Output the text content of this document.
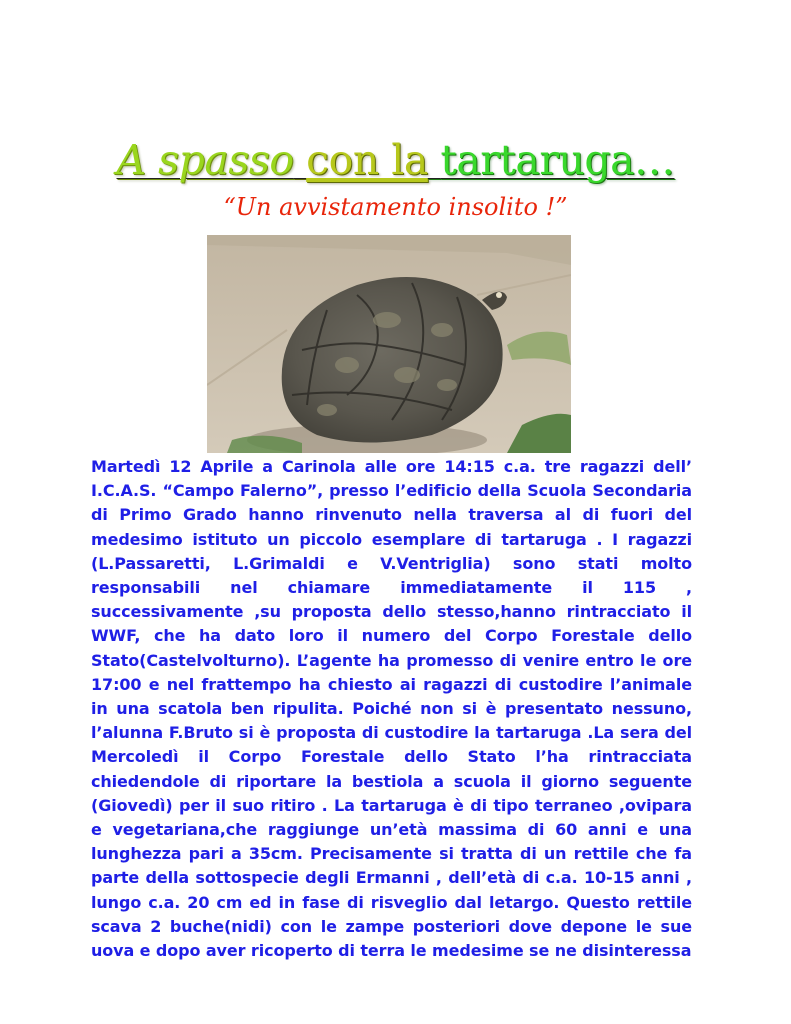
A spasso con la tartaruga…
“Un avvistamento insolito !”

Martedì 12 Aprile a Carinola alle ore 14:15 c.a. tre ragazzi dell’ I.C.A.S. “Campo Falerno”, presso l’edificio della Scuola Secondaria di Primo Grado hanno rinvenuto nella traversa al di fuori del medesimo istituto un piccolo esemplare di tartaruga . I ragazzi (L.Passaretti, L.Grimaldi e V.Ventriglia) sono stati molto responsabili nel chiamare immediatamente il 115 , successivamente ,su proposta dello stesso,hanno rintracciato il WWF, che ha dato loro il numero del Corpo Forestale dello Stato(Castelvolturno). L’agente ha promesso di venire entro le ore 17:00 e nel frattempo ha chiesto ai ragazzi di custodire l’animale in una scatola ben ripulita. Poiché non si è presentato nessuno, l’alunna F.Bruto si è proposta di custodire la tartaruga .La sera del Mercoledì il Corpo Forestale dello Stato l’ha rintracciata chiedendole di riportare la bestiola a scuola il giorno seguente (Giovedì) per il suo ritiro . La tartaruga è di tipo terraneo ,ovipara e vegetariana,che raggiunge un’età massima di 60 anni e una lunghezza pari a 35cm. Precisamente si tratta di un rettile che fa parte della sottospecie degli Ermanni , dell’età di c.a. 10-15 anni , lungo c.a. 20 cm ed in fase di risveglio dal letargo. Questo rettile scava 2 buche(nidi) con le zampe posteriori dove depone le sue uova e dopo aver ricoperto di terra le medesime se ne disinteressa
